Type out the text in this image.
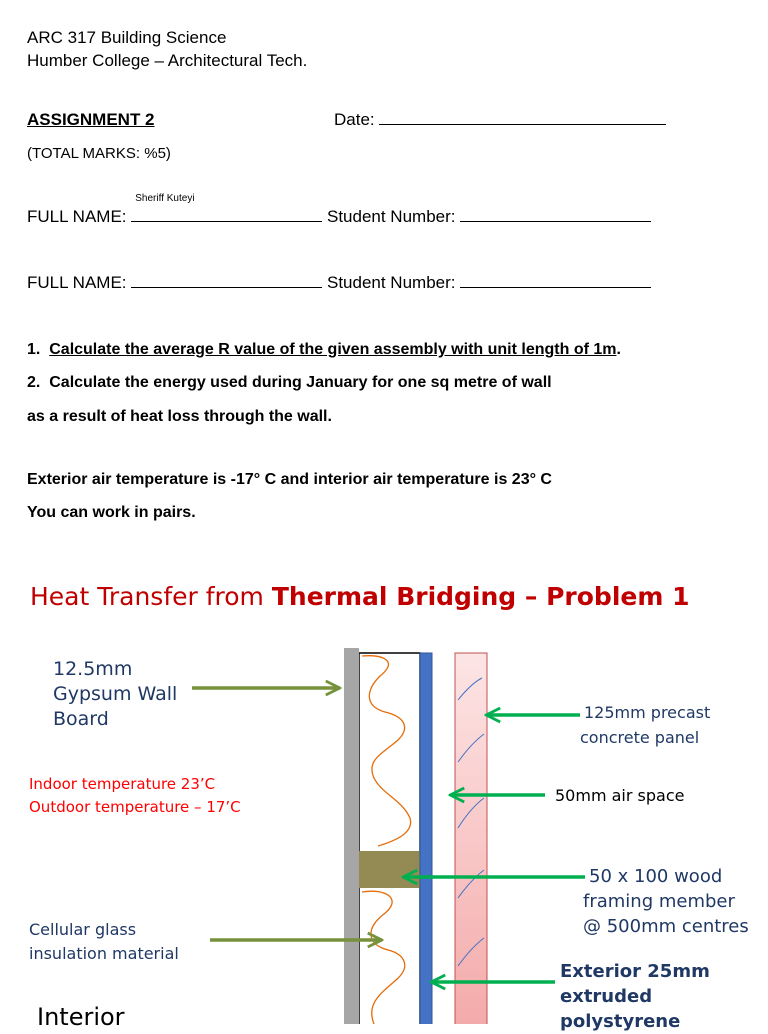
ARC 317 Building Science
Humber College – Architectural Tech.
ASSIGNMENT 2	Date:
(TOTAL MARKS: %5)
FULL NAME:
Sheriff Kuteyi
Student Number:
FULL NAME:	Student Number:
1. Calculate the average R value of the given assembly with unit length of 1m.
2. Calculate the energy used during January for one sq metre of wall
as a result of heat loss through the wall.
Exterior air temperature is -17° C and interior air temperature is 23° C
You can work in pairs.
Heat Transfer from Thermal Bridging – Problem 1
12.5mm
Gypsum Wall
Board
Indoor temperature 23’C
Outdoor temperature – 17’C
Cellular glass
insulation material
Interior
125mm precast
concrete panel
50mm air space
50 x 100 wood
framing member
@ 500mm centres
Exterior 25mm
extruded
polystyrene
